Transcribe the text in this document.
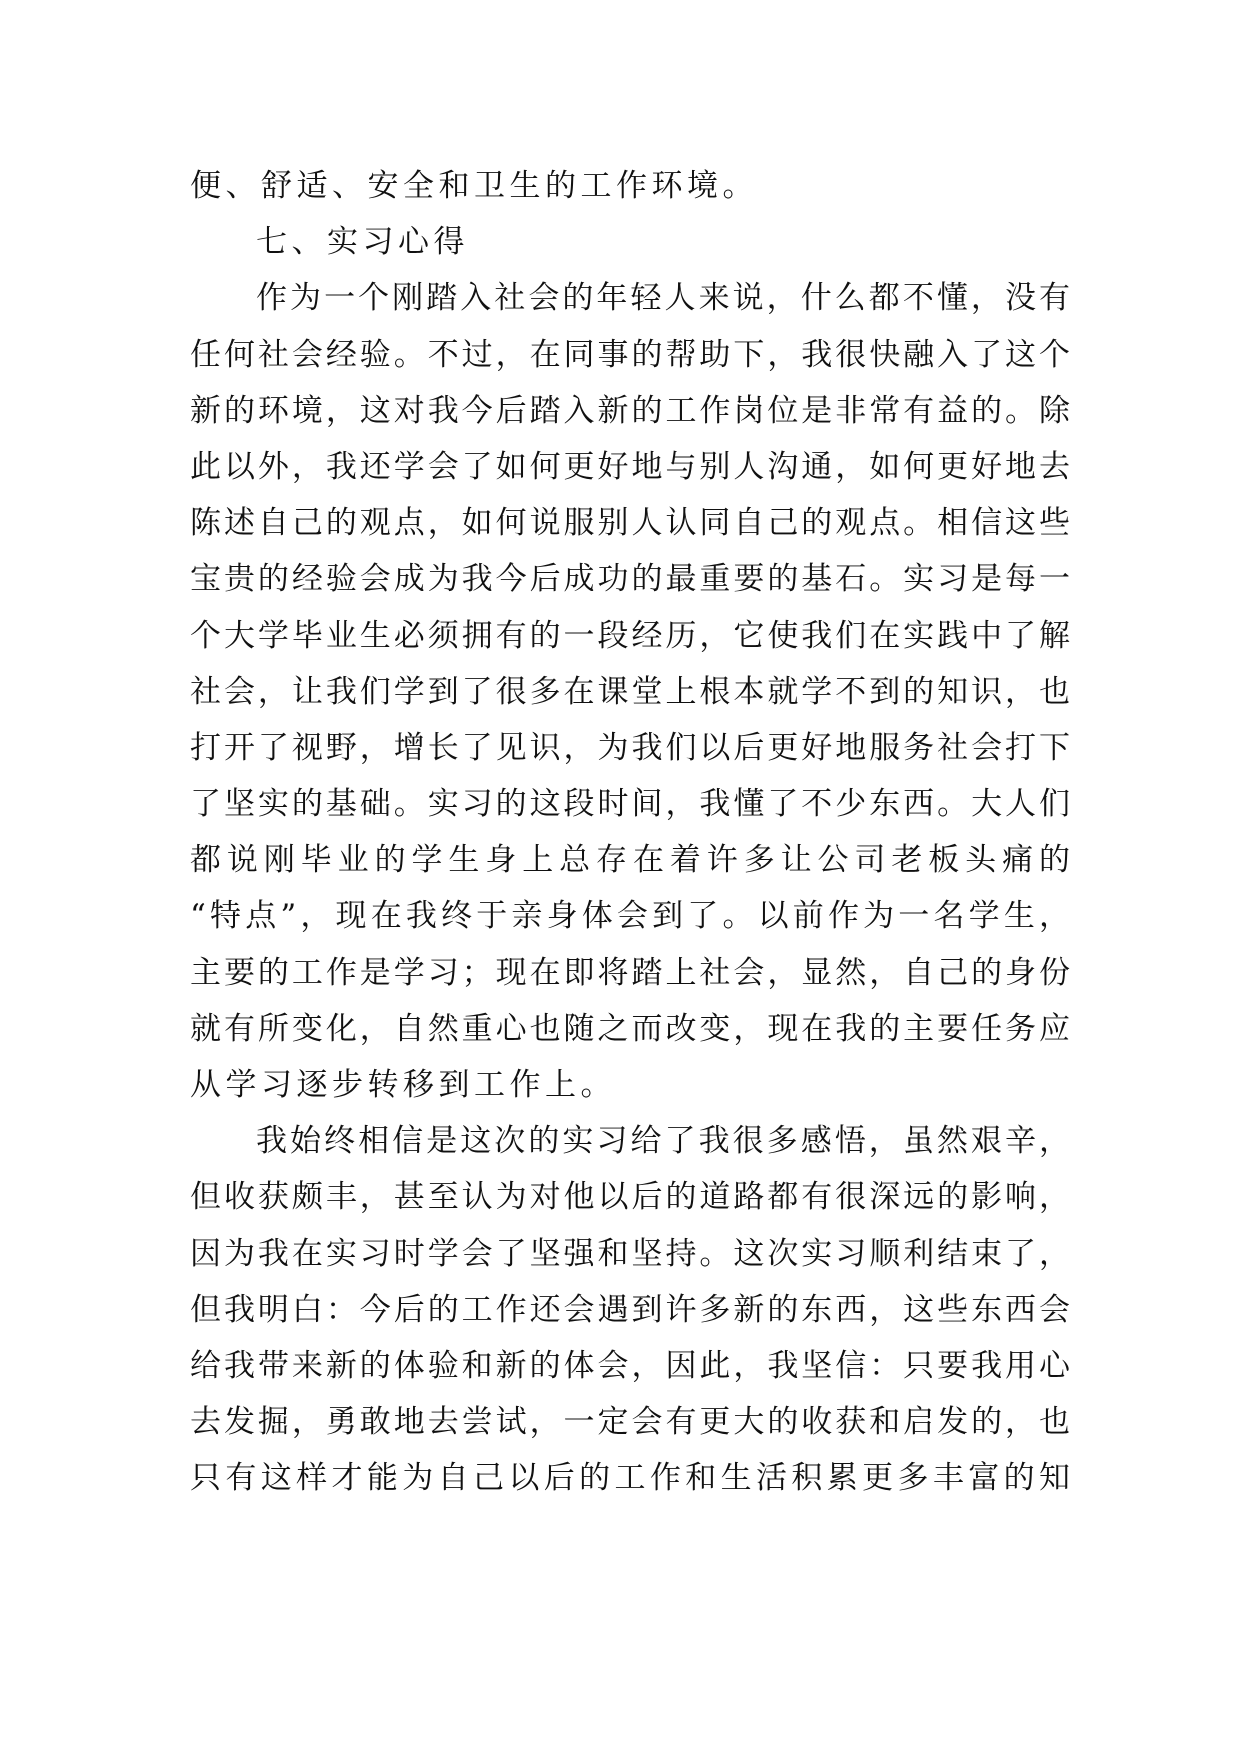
便、舒适、安全和卫生的工作环境。
七、实习心得
作为一个刚踏入社会的年轻人来说，什么都不懂，没有
任何社会经验。不过，在同事的帮助下，我很快融入了这个
新的环境，这对我今后踏入新的工作岗位是非常有益的。除
此以外，我还学会了如何更好地与别人沟通，如何更好地去
陈述自己的观点，如何说服别人认同自己的观点。相信这些
宝贵的经验会成为我今后成功的最重要的基石。实习是每一
个大学毕业生必须拥有的一段经历，它使我们在实践中了解
社会，让我们学到了很多在课堂上根本就学不到的知识，也
打开了视野，增长了见识，为我们以后更好地服务社会打下
了坚实的基础。实习的这段时间，我懂了不少东西。大人们
都说刚毕业的学生身上总存在着许多让公司老板头痛的
“特点”，现在我终于亲身体会到了。以前作为一名学生，
主要的工作是学习；现在即将踏上社会，显然，自己的身份
就有所变化，自然重心也随之而改变，现在我的主要任务应
从学习逐步转移到工作上。
我始终相信是这次的实习给了我很多感悟，虽然艰辛，
但收获颇丰，甚至认为对他以后的道路都有很深远的影响，
因为我在实习时学会了坚强和坚持。这次实习顺利结束了，
但我明白：今后的工作还会遇到许多新的东西，这些东西会
给我带来新的体验和新的体会，因此，我坚信：只要我用心
去发掘，勇敢地去尝试，一定会有更大的收获和启发的，也
只有这样才能为自己以后的工作和生活积累更多丰富的知
